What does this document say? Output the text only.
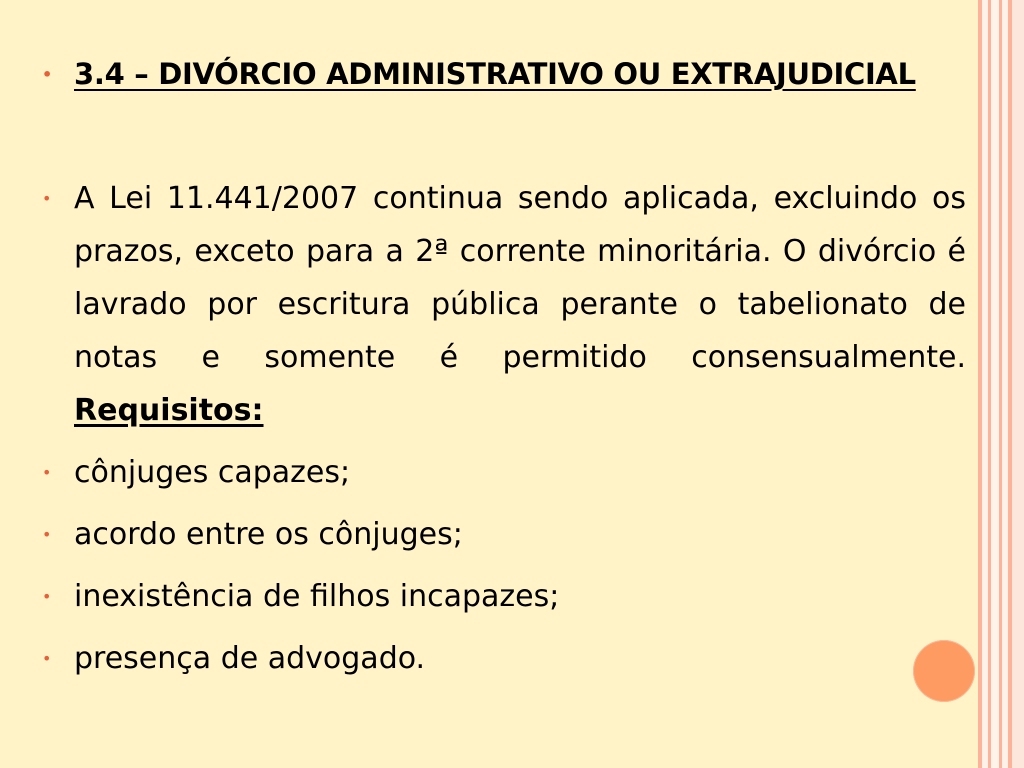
• 3.4 – DIVÓRCIO ADMINISTRATIVO OU EXTRAJUDICIAL
• A Lei 11.441/2007 continua sendo aplicada, excluindo os prazos, exceto para a 2ª corrente minoritária. O divórcio é lavrado por escritura pública perante o tabelionato de notas e somente é permitido consensualmente. Requisitos:
• cônjuges capazes;
• acordo entre os cônjuges;
• inexistência de filhos incapazes;
• presença de advogado.
